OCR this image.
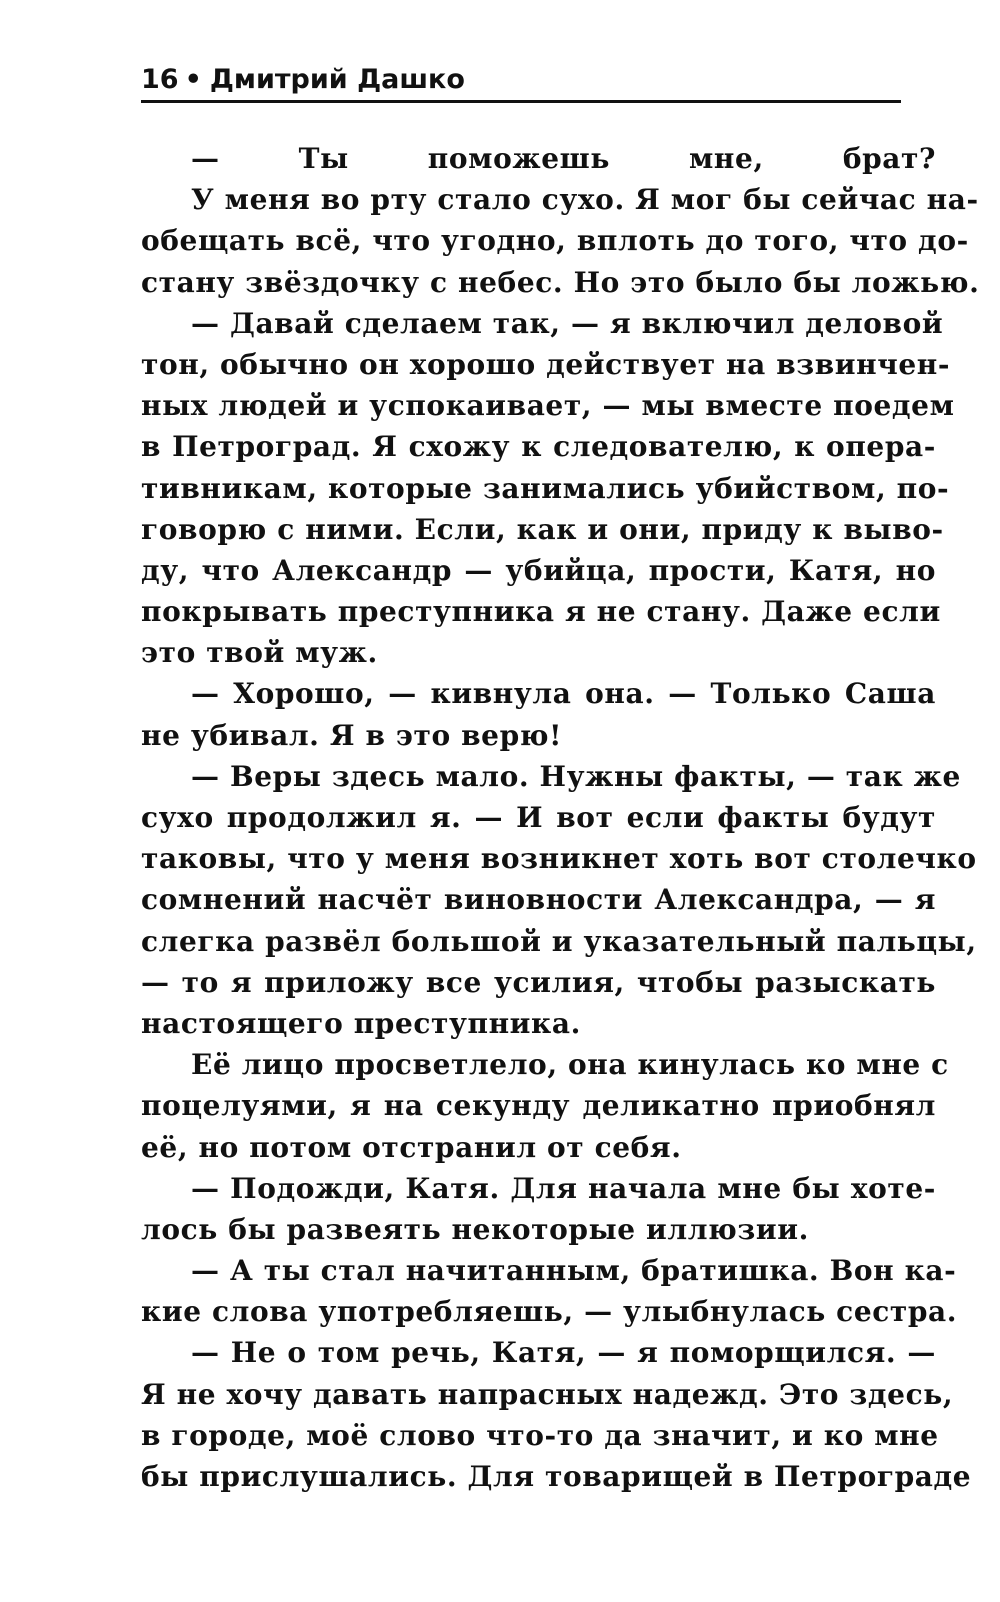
16 • Дмитрий Дашко
— Ты поможешь мне, брат?
У меня во рту стало сухо. Я мог бы сейчас на-
обещать всё, что угодно, вплоть до того, что до-
стану звёздочку с небес. Но это было бы ложью.
— Давай сделаем так, — я включил деловой
тон, обычно он хорошо действует на взвинчен-
ных людей и успокаивает, — мы вместе поедем
в Петроград. Я схожу к следователю, к опера-
тивникам, которые занимались убийством, по-
говорю с ними. Если, как и они, приду к выво-
ду, что Александр — убийца, прости, Катя, но
покрывать преступника я не стану. Даже если
это твой муж.
— Хорошо, — кивнула она. — Только Саша
не убивал. Я в это верю!
— Веры здесь мало. Нужны факты, — так же
сухо продолжил я. — И вот если факты будут
таковы, что у меня возникнет хоть вот столечко
сомнений насчёт виновности Александра, — я
слегка развёл большой и указательный пальцы,
— то я приложу все усилия, чтобы разыскать
настоящего преступника.
Её лицо просветлело, она кинулась ко мне с
поцелуями, я на секунду деликатно приобнял
её, но потом отстранил от себя.
— Подожди, Катя. Для начала мне бы хоте-
лось бы развеять некоторые иллюзии.
— А ты стал начитанным, братишка. Вон ка-
кие слова употребляешь, — улыбнулась сестра.
— Не о том речь, Катя, — я поморщился. —
Я не хочу давать напрасных надежд. Это здесь,
в городе, моё слово что-то да значит, и ко мне
бы прислушались. Для товарищей в Петрограде
